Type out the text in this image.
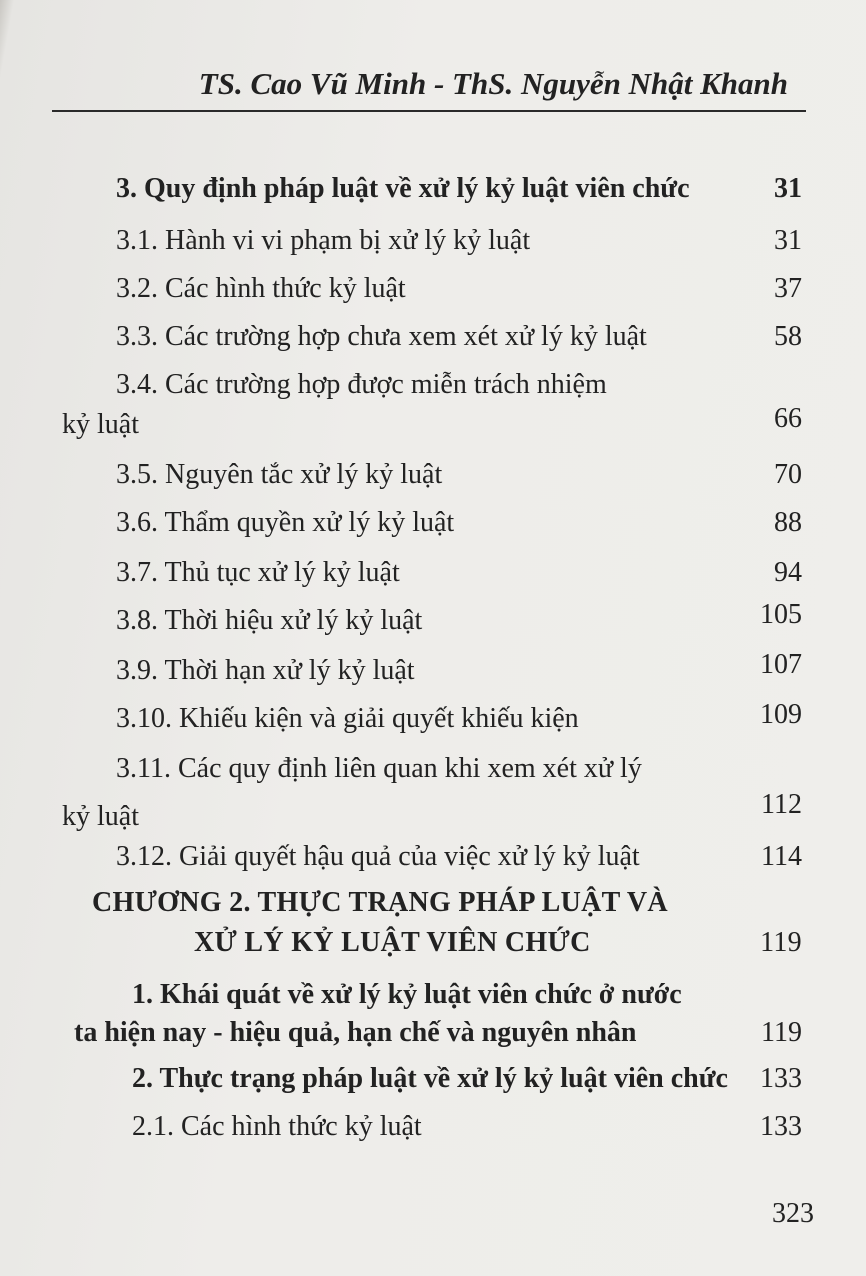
TS. Cao Vũ Minh - ThS. Nguyễn Nhật Khanh
3. Quy định pháp luật về xử lý kỷ luật viên chức	31
3.1. Hành vi vi phạm bị xử lý kỷ luật	31
3.2. Các hình thức kỷ luật	37
3.3. Các trường hợp chưa xem xét xử lý kỷ luật	58
3.4. Các trường hợp được miễn trách nhiệm
kỷ luật	66
3.5. Nguyên tắc xử lý kỷ luật	70
3.6. Thẩm quyền xử lý kỷ luật	88
3.7. Thủ tục xử lý kỷ luật	94
3.8. Thời hiệu xử lý kỷ luật	105
3.9. Thời hạn xử lý kỷ luật	107
3.10. Khiếu kiện và giải quyết khiếu kiện	109
3.11. Các quy định liên quan khi xem xét xử lý
kỷ luật	112
3.12. Giải quyết hậu quả của việc xử lý kỷ luật	114
CHƯƠNG 2. THỰC TRẠNG PHÁP LUẬT VÀ
XỬ LÝ KỶ LUẬT VIÊN CHỨC	119
1. Khái quát về xử lý kỷ luật viên chức ở nước
ta hiện nay - hiệu quả, hạn chế và nguyên nhân	119
2. Thực trạng pháp luật về xử lý kỷ luật viên chức 133
2.1. Các hình thức kỷ luật	133
323
